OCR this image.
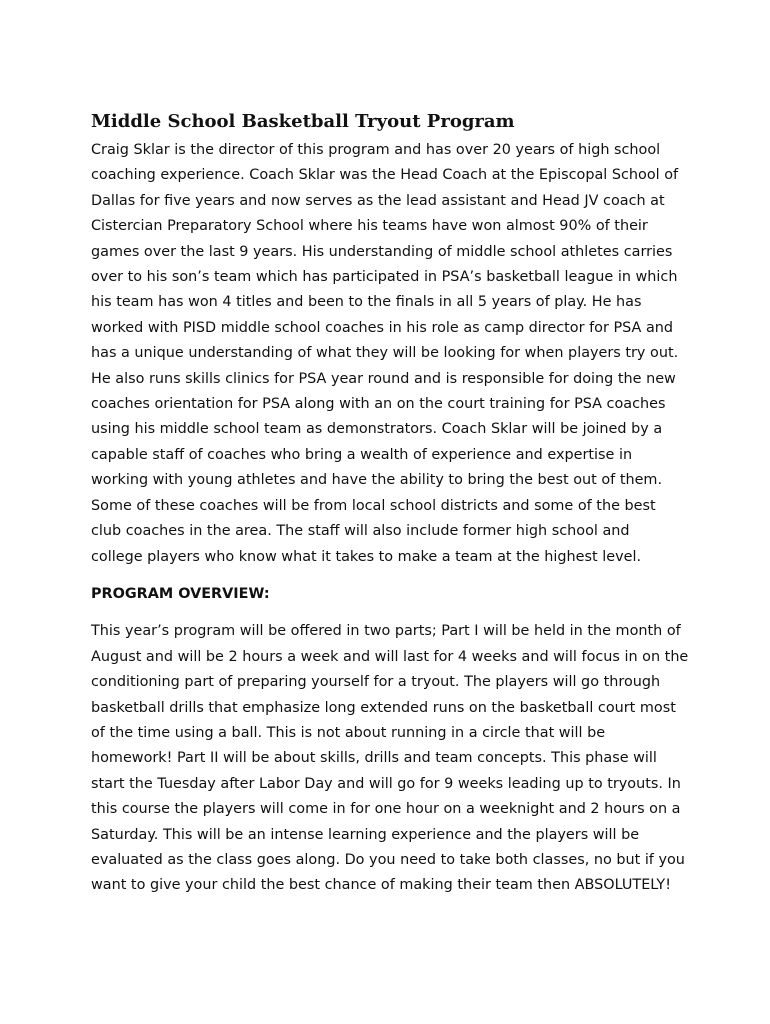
Middle School Basketball Tryout Program

Craig Sklar is the director of this program and has over 20 years of high school
coaching experience. Coach Sklar was the Head Coach at the Episcopal School of
Dallas for five years and now serves as the lead assistant and Head JV coach at
Cistercian Preparatory School where his teams have won almost 90% of their
games over the last 9 years. His understanding of middle school athletes carries
over to his son’s team which has participated in PSA’s basketball league in which
his team has won 4 titles and been to the finals in all 5 years of play. He has
worked with PISD middle school coaches in his role as camp director for PSA and
has a unique understanding of what they will be looking for when players try out.
He also runs skills clinics for PSA year round and is responsible for doing the new
coaches orientation for PSA along with an on the court training for PSA coaches
using his middle school team as demonstrators. Coach Sklar will be joined by a
capable staff of coaches who bring a wealth of experience and expertise in
working with young athletes and have the ability to bring the best out of them.
Some of these coaches will be from local school districts and some of the best
club coaches in the area. The staff will also include former high school and
college players who know what it takes to make a team at the highest level.

PROGRAM OVERVIEW:

This year’s program will be offered in two parts; Part I will be held in the month of
August and will be 2 hours a week and will last for 4 weeks and will focus in on the
conditioning part of preparing yourself for a tryout. The players will go through
basketball drills that emphasize long extended runs on the basketball court most
of the time using a ball. This is not about running in a circle that will be
homework! Part II will be about skills, drills and team concepts. This phase will
start the Tuesday after Labor Day and will go for 9 weeks leading up to tryouts. In
this course the players will come in for one hour on a weeknight and 2 hours on a
Saturday. This will be an intense learning experience and the players will be
evaluated as the class goes along. Do you need to take both classes, no but if you
want to give your child the best chance of making their team then ABSOLUTELY!
